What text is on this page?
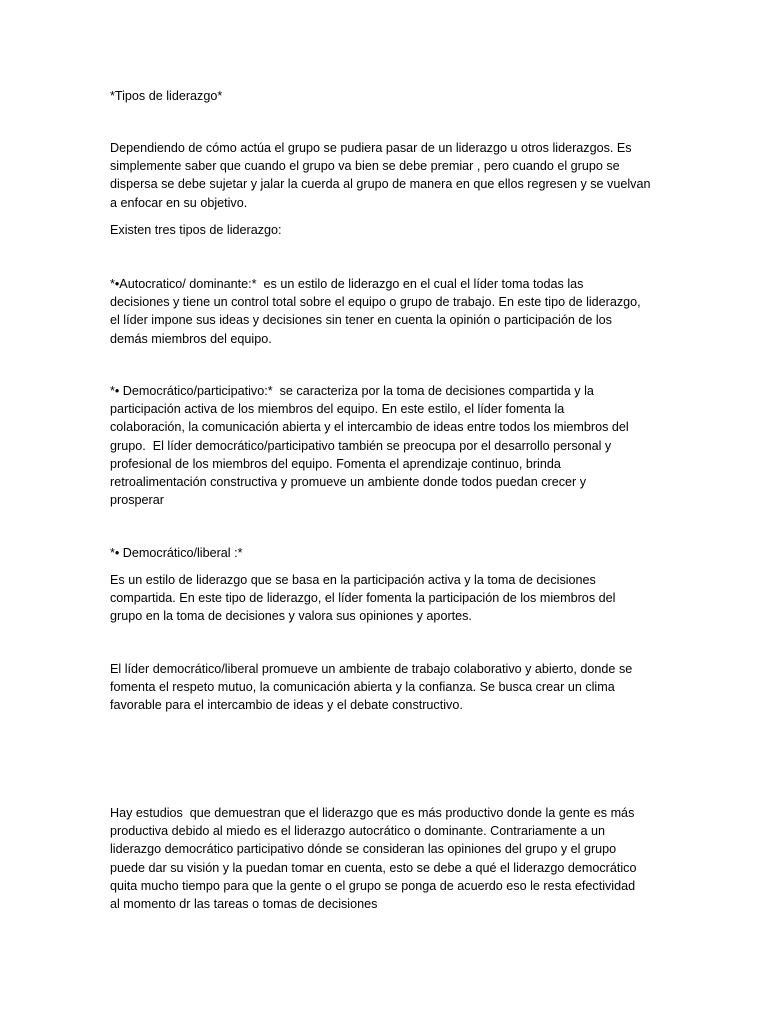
*Tipos de liderazgo*

Dependiendo de cómo actúa el grupo se pudiera pasar de un liderazgo u otros liderazgos. Es
simplemente saber que cuando el grupo va bien se debe premiar , pero cuando el grupo se
dispersa se debe sujetar y jalar la cuerda al grupo de manera en que ellos regresen y se vuelvan
a enfocar en su objetivo.

Existen tres tipos de liderazgo:

*•Autocratico/ dominante:*  es un estilo de liderazgo en el cual el líder toma todas las
decisiones y tiene un control total sobre el equipo o grupo de trabajo. En este tipo de liderazgo,
el líder impone sus ideas y decisiones sin tener en cuenta la opinión o participación de los
demás miembros del equipo.

*• Democrático/participativo:*  se caracteriza por la toma de decisiones compartida y la
participación activa de los miembros del equipo. En este estilo, el líder fomenta la
colaboración, la comunicación abierta y el intercambio de ideas entre todos los miembros del
grupo.  El líder democrático/participativo también se preocupa por el desarrollo personal y
profesional de los miembros del equipo. Fomenta el aprendizaje continuo, brinda
retroalimentación constructiva y promueve un ambiente donde todos puedan crecer y
prosperar

*• Democrático/liberal :*

Es un estilo de liderazgo que se basa en la participación activa y la toma de decisiones
compartida. En este tipo de liderazgo, el líder fomenta la participación de los miembros del
grupo en la toma de decisiones y valora sus opiniones y aportes.

El líder democrático/liberal promueve un ambiente de trabajo colaborativo y abierto, donde se
fomenta el respeto mutuo, la comunicación abierta y la confianza. Se busca crear un clima
favorable para el intercambio de ideas y el debate constructivo.

Hay estudios  que demuestran que el liderazgo que es más productivo donde la gente es más
productiva debido al miedo es el liderazgo autocrático o dominante. Contrariamente a un
liderazgo democrático participativo dónde se consideran las opiniones del grupo y el grupo
puede dar su visión y la puedan tomar en cuenta, esto se debe a qué el liderazgo democrático
quita mucho tiempo para que la gente o el grupo se ponga de acuerdo eso le resta efectividad
al momento dr las tareas o tomas de decisiones
